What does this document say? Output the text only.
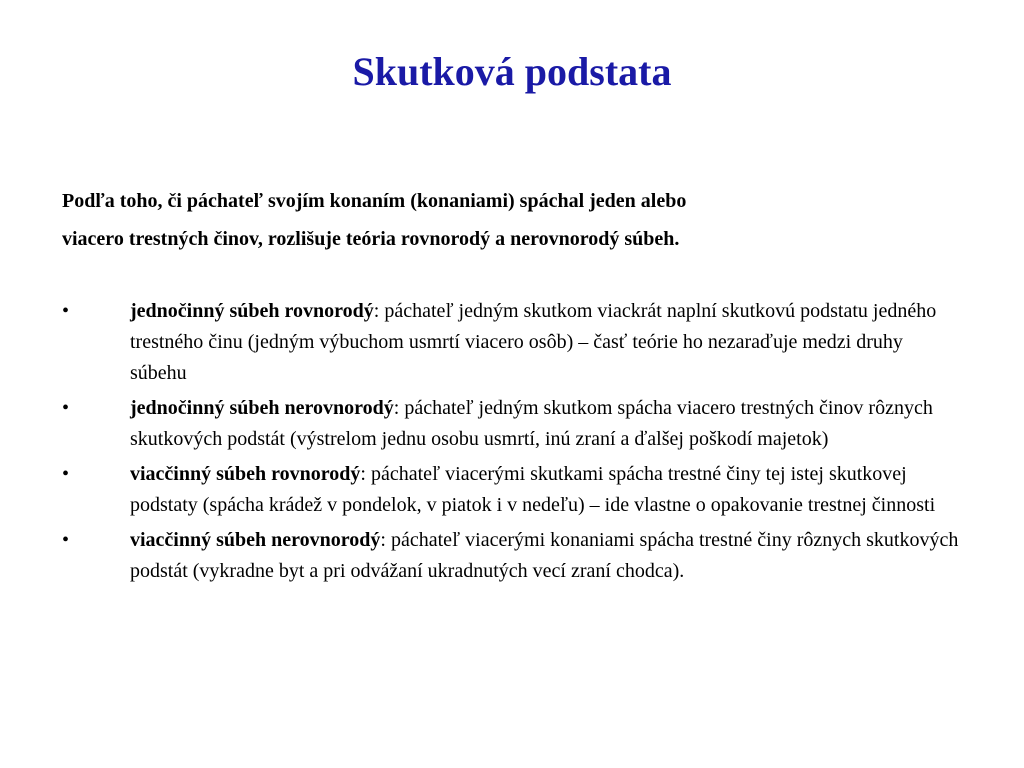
Skutková podstata

Podľa toho, či páchateľ svojím konaním (konaniami) spáchal jeden alebo
viacero trestných činov, rozlišuje teória rovnorodý a nerovnorodý súbeh.

•	jednočinný súbeh rovnorodý: páchateľ jedným skutkom viackrát naplní skutkovú podstatu jedného trestného činu (jedným výbuchom usmrtí viacero osôb) – časť teórie ho nezaraďuje medzi druhy súbehu
•	jednočinný súbeh nerovnorodý: páchateľ jedným skutkom spácha viacero trestných činov rôznych skutkových podstát (výstrelom jednu osobu usmrtí, inú zraní a ďalšej poškodí majetok)
•	viacčinný súbeh rovnorodý: páchateľ viacerými skutkami spácha trestné činy tej istej skutkovej podstaty (spácha krádež v pondelok, v piatok i v nedeľu) – ide vlastne o opakovanie trestnej činnosti
•	viacčinný súbeh nerovnorodý: páchateľ viacerými konaniami spácha trestné činy rôznych skutkových podstát (vykradne byt a pri odvážaní ukradnutých vecí zraní chodca).
